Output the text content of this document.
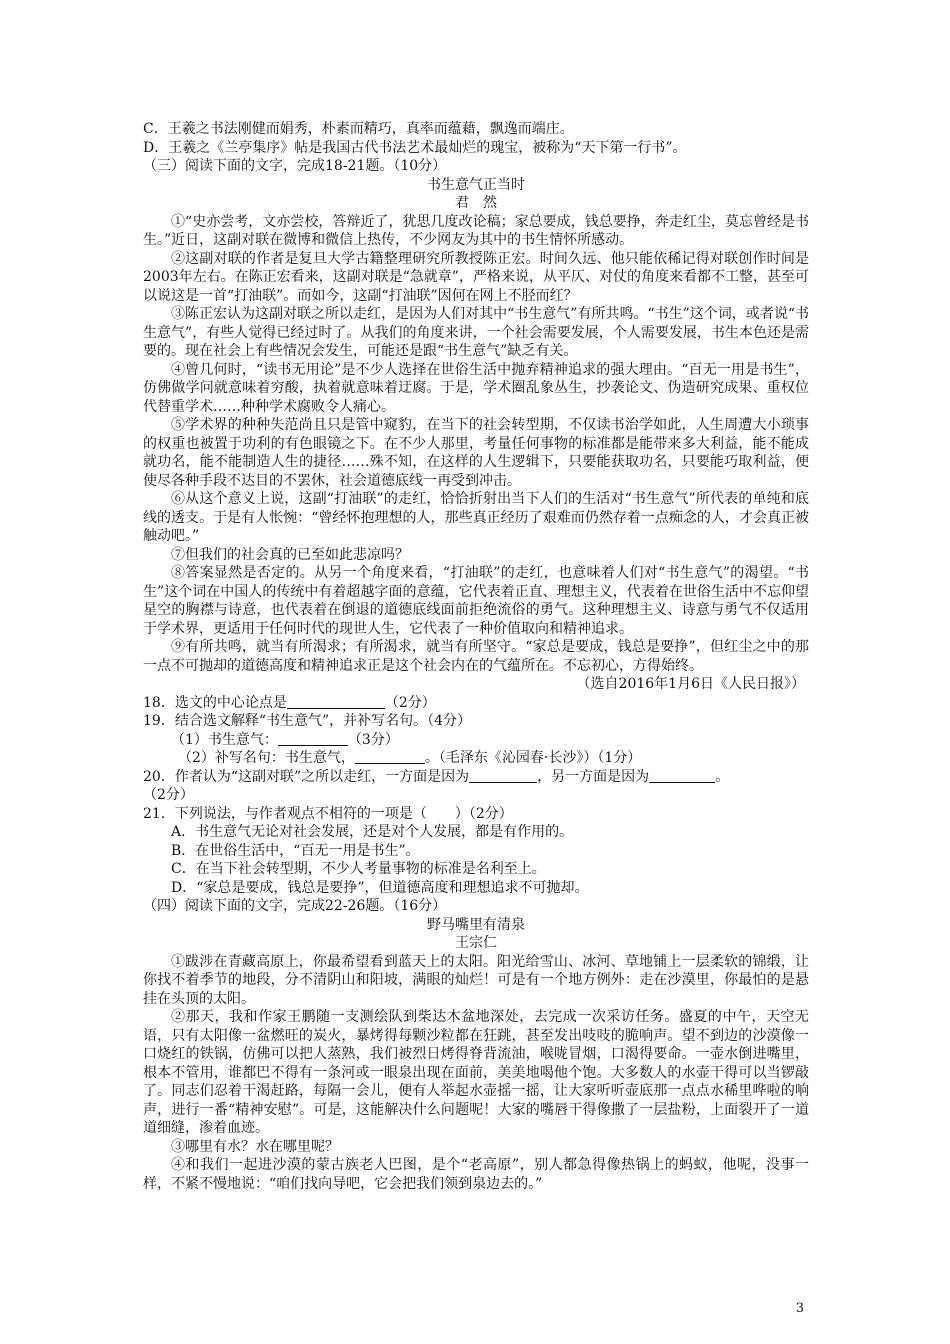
C．王羲之书法刚健而娟秀，朴素而精巧，真率而蕴藉，飘逸而端庄。

D．王羲之《兰亭集序》帖是我国古代书法艺术最灿烂的瑰宝，被称为“天下第一行书”。

（三）阅读下面的文字，完成18-21题。（10分）

书生意气正当时

君　然

①“史亦尝考，文亦尝校，答辩近了，犹思几度改论稿；家总要成，钱总要挣，奔走红尘，莫忘曾经是书生。”近日，这副对联在微博和微信上热传，不少网友为其中的书生情怀所感动。

②这副对联的作者是复旦大学古籍整理研究所教授陈正宏。时间久远、他只能依稀记得对联创作时间是2003年左右。在陈正宏看来，这副对联是“急就章”，严格来说，从平仄、对仗的角度来看都不工整，甚至可以说这是一首“打油联”。而如今，这副“打油联”因何在网上不胫而红？

③陈正宏认为这副对联之所以走红，是因为人们对其中“书生意气”有所共鸣。“书生”这个词，或者说“书生意气”，有些人觉得已经过时了。从我们的角度来讲，一个社会需要发展，个人需要发展，书生本色还是需要的。现在社会上有些情况会发生，可能还是跟“书生意气”缺乏有关。

④曾几何时，“读书无用论”是不少人选择在世俗生活中抛弃精神追求的强大理由。“百无一用是书生”，仿佛做学问就意味着穷酸，执着就意味着迂腐。于是，学术圈乱象丛生，抄袭论文、伪造研究成果、重权位代替重学术……种种学术腐败令人痛心。

⑤学术界的种种失范尚且只是管中窥豹，在当下的社会转型期，不仅读书治学如此，人生周遭大小琐事的权重也被置于功利的有色眼镜之下。在不少人那里，考量任何事物的标准都是能带来多大利益，能不能成就功名，能不能制造人生的捷径……殊不知，在这样的人生逻辑下，只要能获取功名，只要能巧取利益，便使尽各种手段不达目的不罢休，社会道德底线一再受到冲击。

⑥从这个意义上说，这副“打油联”的走红，恰恰折射出当下人们的生活对“书生意气”所代表的单纯和底线的透支。于是有人怅惋：“曾经怀抱理想的人，那些真正经历了艰难而仍然存着一点痴念的人，才会真正被触动吧。”

⑦但我们的社会真的已至如此悲凉吗？

⑧答案显然是否定的。从另一个角度来看，“打油联”的走红，也意味着人们对“书生意气”的渴望。“书生”这个词在中国人的传统中有着超越字面的意蕴，它代表着正直、理想主义，代表着在世俗生活中不忘仰望星空的胸襟与诗意，也代表着在倒退的道德底线面前拒绝流俗的勇气。这种理想主义、诗意与勇气不仅适用于学术界，更适用于任何时代的现世人生，它代表了一种价值取向和精神追求。

⑨有所共鸣，就当有所渴求；有所渴求，就当有所坚守。“家总是要成，钱总是要挣”，但红尘之中的那一点不可抛却的道德高度和精神追求正是这个社会内在的气蕴所在。不忘初心，方得始终。

（选自2016年1月6日《人民日报》）

18．选文的中心论点是	（2分）

19．结合选文解释“书生意气”，并补写名句。（4分）

（1）书生意气：	（3分）

（2）补写名句：书生意气，	。（毛泽东《沁园春·长沙》）（1分）

20．作者认为“这副对联”之所以走红，一方面是因为	，另一方面是因为	。

（2分）

21．下列说法，与作者观点不相符的一项是（　　）（2分）

A．书生意气无论对社会发展，还是对个人发展，都是有作用的。

B．在世俗生活中，“百无一用是书生”。

C．在当下社会转型期，不少人考量事物的标准是名利至上。

D．“家总是要成，钱总是要挣”，但道德高度和理想追求不可抛却。

（四）阅读下面的文字，完成22-26题。（16分）

野马嘴里有清泉

王宗仁

①跋涉在青藏高原上，你最希望看到蓝天上的太阳。阳光给雪山、冰河、草地铺上一层柔软的锦缎，让你找不着季节的地段，分不清阴山和阳坡，满眼的灿烂！可是有一个地方例外：走在沙漠里，你最怕的是悬挂在头顶的太阳。

②那天，我和作家王鹏随一支测绘队到柴达木盆地深处，去完成一次采访任务。盛夏的中午，天空无语，只有太阳像一盆燃旺的炭火，暴烤得每颗沙粒都在狂跳，甚至发出吱吱的脆响声。望不到边的沙漠像一口烧红的铁锅，仿佛可以把人蒸熟，我们被烈日烤得脊背流油，喉咙冒烟，口渴得要命。一壶水倒进嘴里，根本不管用，谁都巴不得有一条河或一眼泉出现在面前，美美地喝他个饱。大多数人的水壶干得可以当锣敲了。同志们忍着干渴赶路，每隔一会儿，便有人举起水壶摇一摇，让大家听听壶底那一点点水稀里哗啦的响声，进行一番“精神安慰”。可是，这能解决什么问题呢！大家的嘴唇干得像撒了一层盐粉，上面裂开了一道道细缝，渗着血迹。

③哪里有水？水在哪里呢？

④和我们一起进沙漠的蒙古族老人巴图，是个“老高原”，别人都急得像热锅上的蚂蚁，他呢，没事一样，不紧不慢地说：“咱们找向导吧，它会把我们领到泉边去的。”

3
